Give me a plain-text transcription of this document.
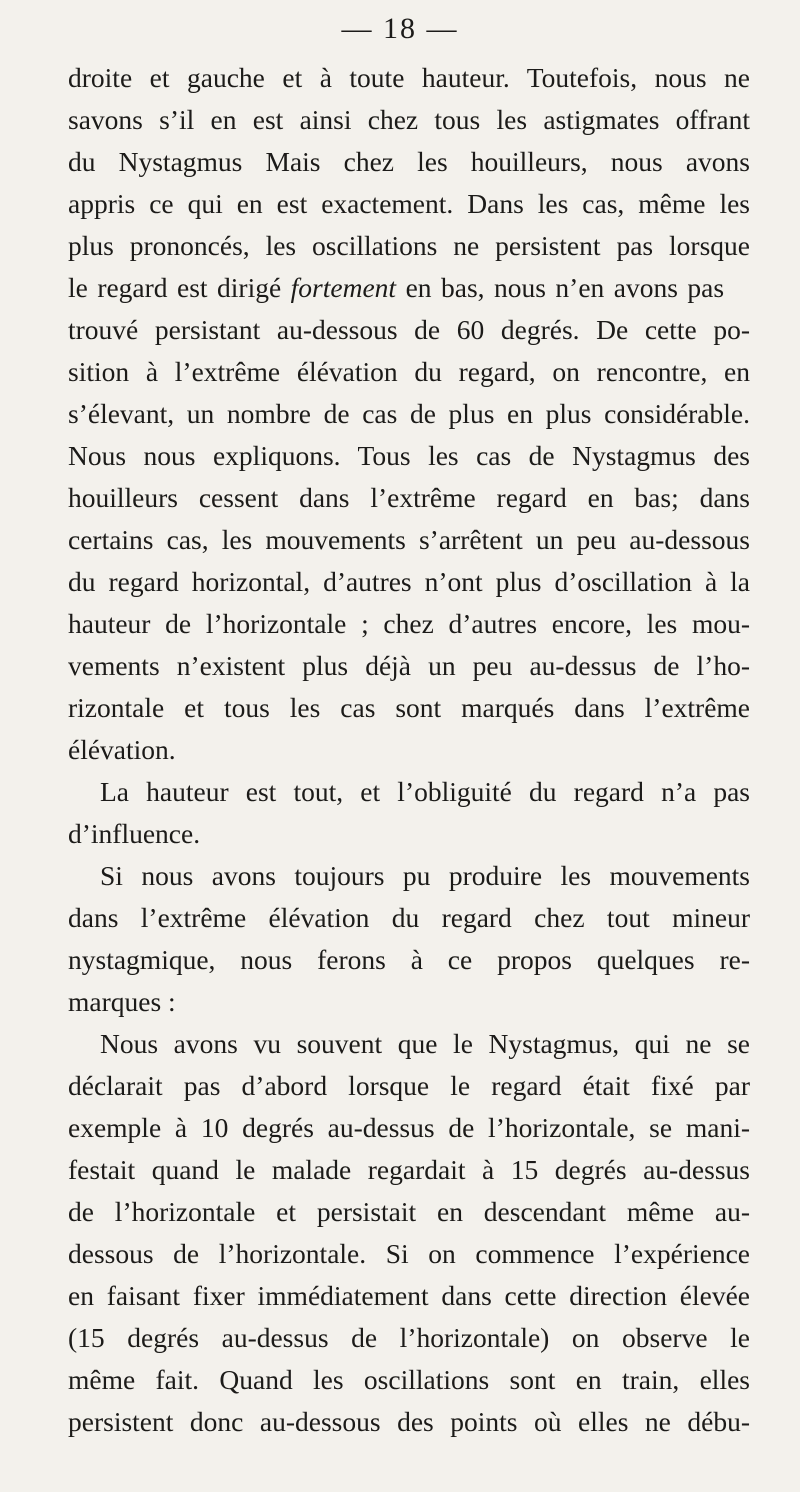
— 18 —
droite et gauche et à toute hauteur. Toutefois, nous ne
savons s’il en est ainsi chez tous les astigmates offrant
du Nystagmus Mais chez les houilleurs, nous avons
appris ce qui en est exactement. Dans les cas, même les
plus prononcés, les oscillations ne persistent pas lorsque
le regard est dirigé fortement en bas, nous n’en avons pas
trouvé persistant au-dessous de 60 degrés. De cette po-
sition à l’extrême élévation du regard, on rencontre, en
s’élevant, un nombre de cas de plus en plus considérable.
Nous nous expliquons. Tous les cas de Nystagmus des
houilleurs cessent dans l’extrême regard en bas; dans
certains cas, les mouvements s’arrêtent un peu au-dessous
du regard horizontal, d’autres n’ont plus d’oscillation à la
hauteur de l’horizontale ; chez d’autres encore, les mou-
vements n’existent plus déjà un peu au-dessus de l’ho-
rizontale et tous les cas sont marqués dans l’extrême
élévation.
La hauteur est tout, et l’obliguité du regard n’a pas
d’influence.
Si nous avons toujours pu produire les mouvements
dans l’extrême élévation du regard chez tout mineur
nystagmique, nous ferons à ce propos quelques re-
marques :
Nous avons vu souvent que le Nystagmus, qui ne se
déclarait pas d’abord lorsque le regard était fixé par
exemple à 10 degrés au-dessus de l’horizontale, se mani-
festait quand le malade regardait à 15 degrés au-dessus
de l’horizontale et persistait en descendant même au-
dessous de l’horizontale. Si on commence l’expérience
en faisant fixer immédiatement dans cette direction élevée
(15 degrés au-dessus de l’horizontale) on observe le
même fait. Quand les oscillations sont en train, elles
persistent donc au-dessous des points où elles ne débu-
